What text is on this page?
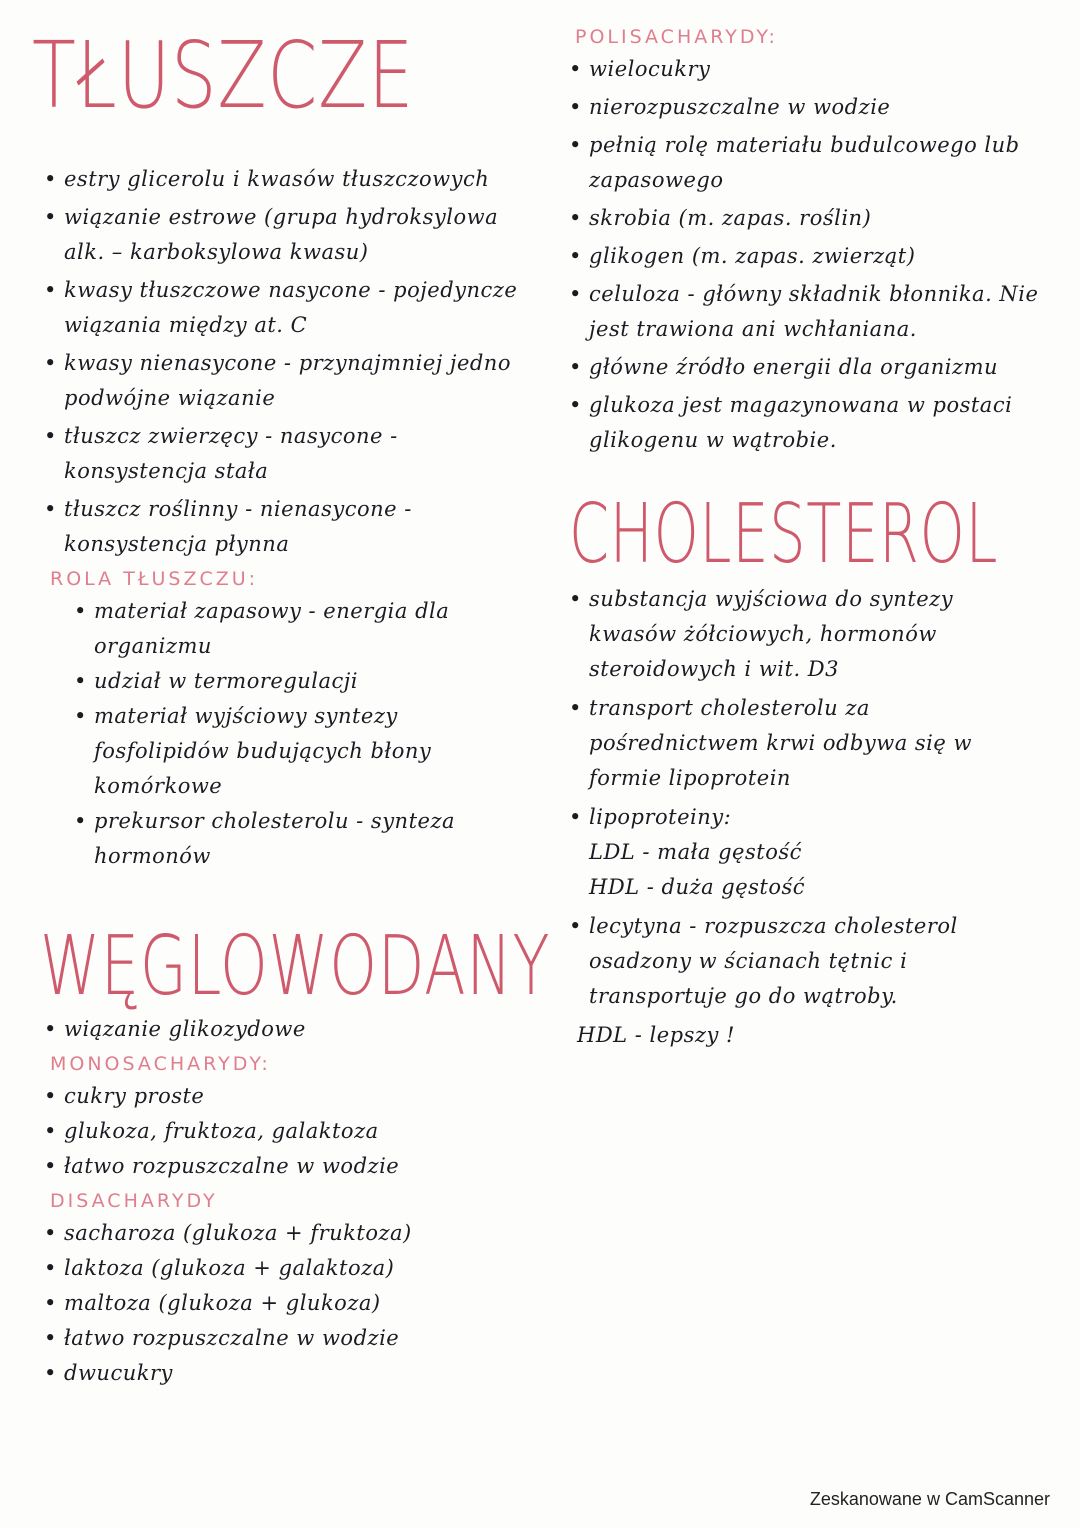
TŁUSZCZE
• estry glicerolu i kwasów tłuszczowych
• wiązanie estrowe (grupa hydroksylowa alk. – karboksylowa kwasu)
• kwasy tłuszczowe nasycone - pojedyncze wiązania między at. C
• kwasy nienasycone - przynajmniej jedno podwójne wiązanie
• tłuszcz zwierzęcy - nasycone - konsystencja stała
• tłuszcz roślinny - nienasycone - konsystencja płynna
ROLA TŁUSZCZU:
• materiał zapasowy - energia dla organizmu
• udział w termoregulacji
• materiał wyjściowy syntezy fosfolipidów budujących błony komórkowe
• prekursor cholesterolu - synteza hormonów
WĘGLOWODANY
• wiązanie glikozydowe
MONOSACHARYDY:
• cukry proste
• glukoza, fruktoza, galaktoza
• łatwo rozpuszczalne w wodzie
DISACHARYDY
• sacharoza (glukoza + fruktoza)
• laktoza (glukoza + galaktoza)
• maltoza (glukoza + glukoza)
• łatwo rozpuszczalne w wodzie
• dwucukry
POLISACHARYDY:
• wielocukry
• nierozpuszczalne w wodzie
• pełnią rolę materiału budulcowego lub zapasowego
• skrobia (m. zapas. roślin)
• glikogen (m. zapas. zwierząt)
• celuloza - główny składnik błonnika. Nie jest trawiona ani wchłaniana.
• główne źródło energii dla organizmu
• glukoza jest magazynowana w postaci glikogenu w wątrobie.
CHOLESTEROL
• substancja wyjściowa do syntezy kwasów żółciowych, hormonów steroidowych i wit. D3
• transport cholesterolu za pośrednictwem krwi odbywa się w formie lipoprotein
• lipoproteiny:
LDL - mała gęstość
HDL - duża gęstość
• lecytyna - rozpuszcza cholesterol osadzony w ścianach tętnic i transportuje go do wątroby.
HDL - lepszy !
Zeskanowane w CamScanner
